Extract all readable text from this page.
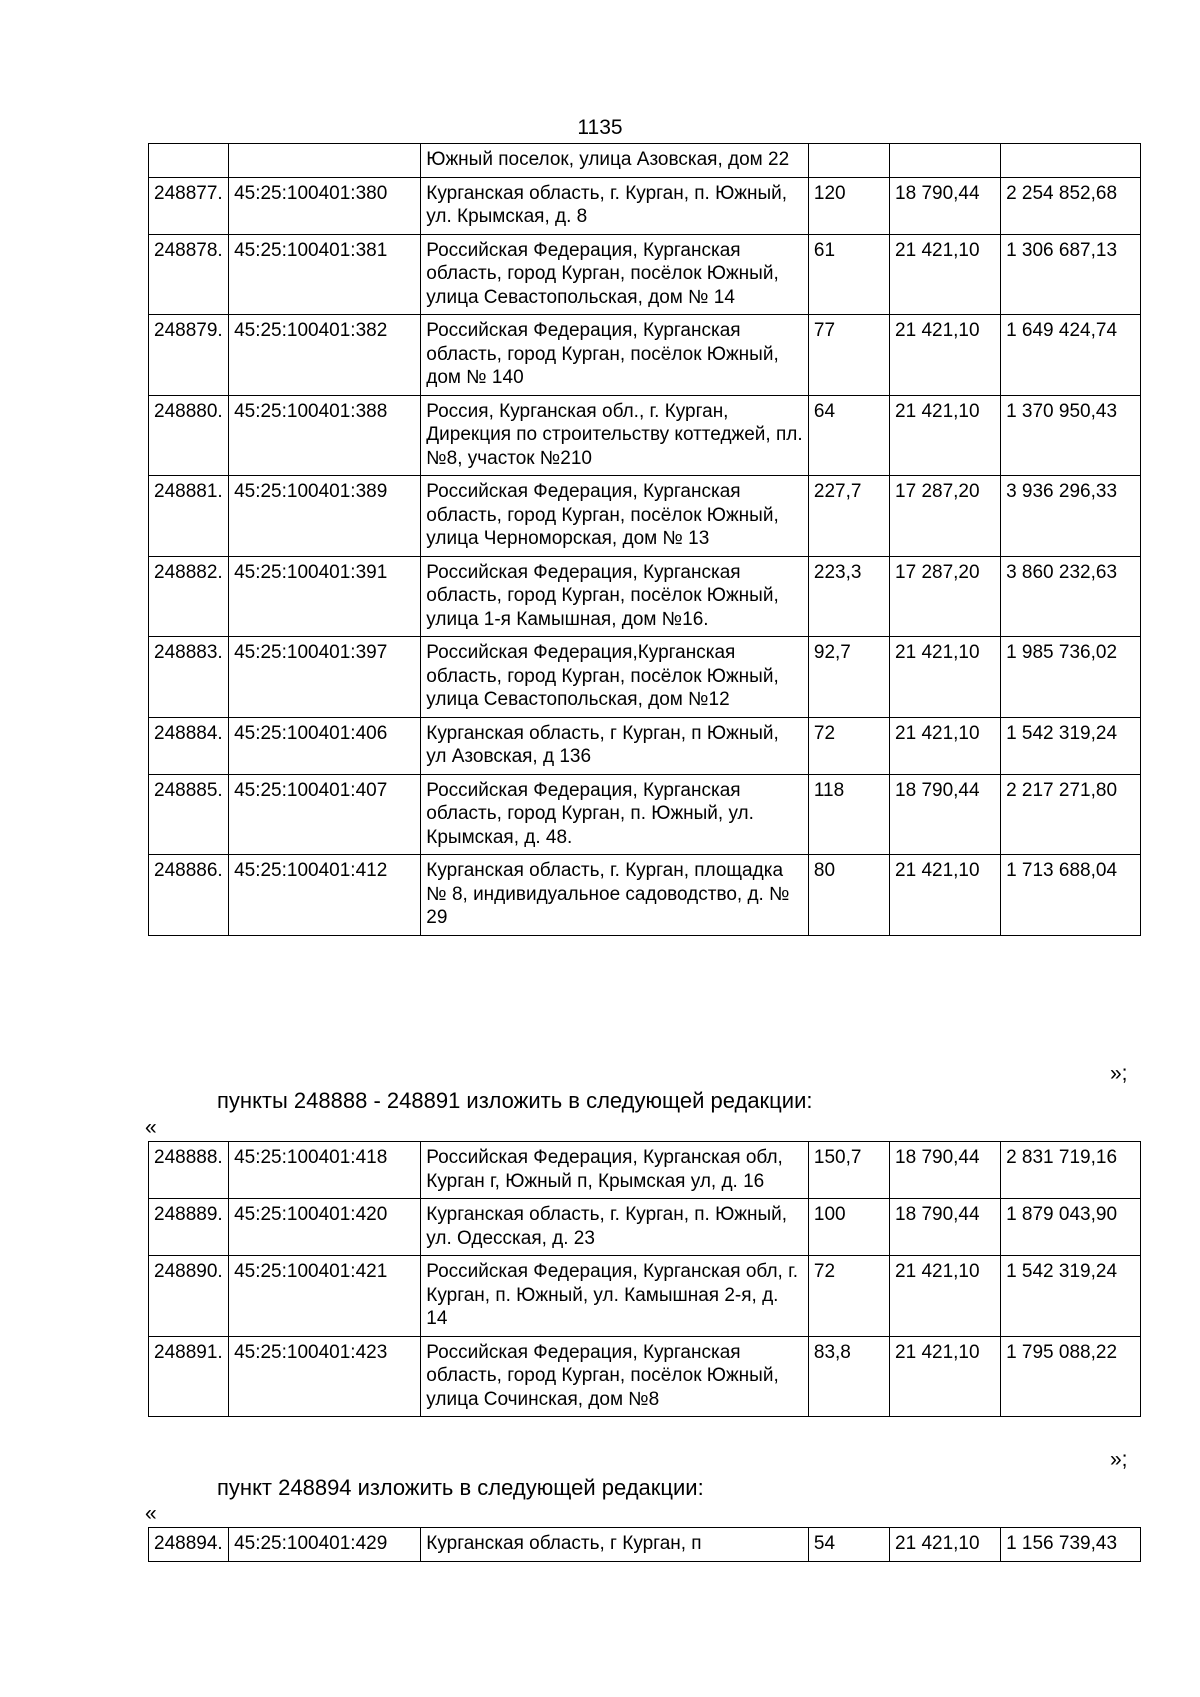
1135
		Южный поселок, улица Азовская, дом 22			
248877.	45:25:100401:380	Курганская область, г. Курган, п. Южный, ул. Крымская, д. 8	120	18 790,44	2 254 852,68
248878.	45:25:100401:381	Российская Федерация, Курганская область, город Курган, посёлок Южный, улица Севастопольская, дом № 14	61	21 421,10	1 306 687,13
248879.	45:25:100401:382	Российская Федерация, Курганская область, город Курган, посёлок Южный, дом № 140	77	21 421,10	1 649 424,74
248880.	45:25:100401:388	Россия, Курганская обл., г. Курган, Дирекция по строительству коттеджей, пл. №8, участок №210	64	21 421,10	1 370 950,43
248881.	45:25:100401:389	Российская Федерация, Курганская область, город Курган, посёлок Южный, улица Черноморская, дом № 13	227,7	17 287,20	3 936 296,33
248882.	45:25:100401:391	Российская Федерация, Курганская область, город Курган, посёлок Южный, улица 1-я Камышная, дом №16.	223,3	17 287,20	3 860 232,63
248883.	45:25:100401:397	Российская Федерация,Курганская область, город Курган, посёлок Южный, улица Севастопольская, дом №12	92,7	21 421,10	1 985 736,02
248884.	45:25:100401:406	Курганская область, г Курган, п Южный, ул Азовская, д 136	72	21 421,10	1 542 319,24
248885.	45:25:100401:407	Российская Федерация, Курганская область, город Курган, п. Южный, ул. Крымская, д. 48.	118	18 790,44	2 217 271,80
248886.	45:25:100401:412	Курганская область, г. Курган, площадка № 8, индивидуальное садоводство, д. № 29	80	21 421,10	1 713 688,04
»;
пункты 248888 - 248891 изложить в следующей редакции:
«
248888.	45:25:100401:418	Российская Федерация, Курганская обл, Курган г, Южный п, Крымская ул, д. 16	150,7	18 790,44	2 831 719,16
248889.	45:25:100401:420	Курганская область, г. Курган, п. Южный, ул. Одесская, д. 23	100	18 790,44	1 879 043,90
248890.	45:25:100401:421	Российская Федерация, Курганская обл, г. Курган, п. Южный, ул. Камышная 2-я, д. 14	72	21 421,10	1 542 319,24
248891.	45:25:100401:423	Российская Федерация, Курганская область, город Курган, посёлок Южный, улица Сочинская, дом №8	83,8	21 421,10	1 795 088,22
»;
пункт 248894 изложить в следующей редакции:
«
248894.	45:25:100401:429	Курганская область, г Курган, п	54	21 421,10	1 156 739,43
